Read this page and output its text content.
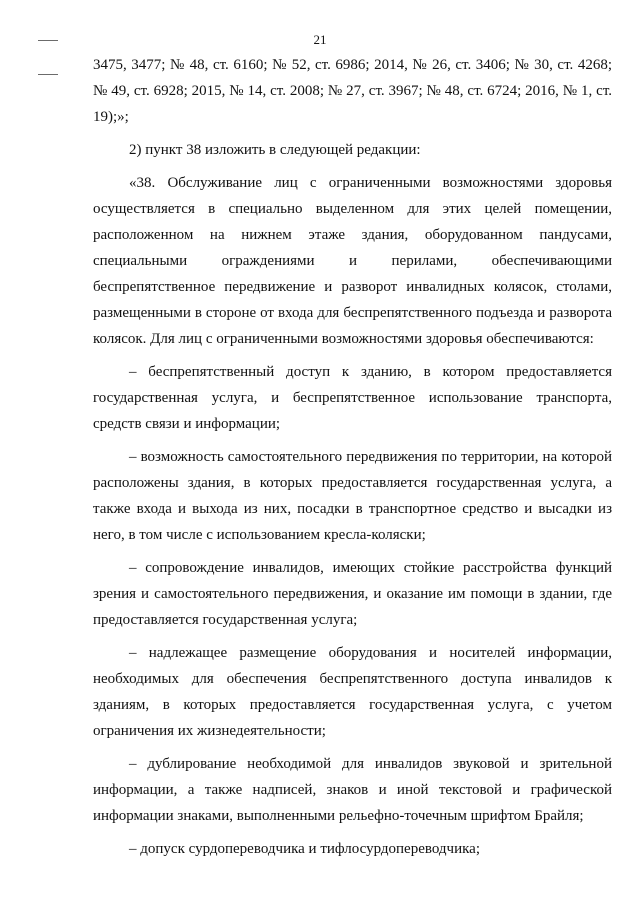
21

3475, 3477; № 48, ст. 6160; № 52, ст. 6986; 2014, № 26, ст. 3406; № 30, ст. 4268; № 49, ст. 6928; 2015, № 14, ст. 2008; № 27, ст. 3967; № 48, ст. 6724; 2016, № 1, ст. 19);»;

2) пункт 38 изложить в следующей редакции:

«38. Обслуживание лиц с ограниченными возможностями здоровья осуществляется в специально выделенном для этих целей помещении, расположенном на нижнем этаже здания, оборудованном пандусами, специальными ограждениями и перилами, обеспечивающими беспрепятственное передвижение и разворот инвалидных колясок, столами, размещенными в стороне от входа для беспрепятственного подъезда и разворота колясок. Для лиц с ограниченными возможностями здоровья обеспечиваются:

– беспрепятственный доступ к зданию, в котором предоставляется государственная услуга, и беспрепятственное использование транспорта, средств связи и информации;

– возможность самостоятельного передвижения по территории, на которой расположены здания, в которых предоставляется государственная услуга, а также входа и выхода из них, посадки в транспортное средство и высадки из него, в том числе с использованием кресла-коляски;

– сопровождение инвалидов, имеющих стойкие расстройства функций зрения и самостоятельного передвижения, и оказание им помощи в здании, где предоставляется государственная услуга;

– надлежащее размещение оборудования и носителей информации, необходимых для обеспечения беспрепятственного доступа инвалидов к зданиям, в которых предоставляется государственная услуга, с учетом ограничения их жизнедеятельности;

– дублирование необходимой для инвалидов звуковой и зрительной информации, а также надписей, знаков и иной текстовой и графической информации знаками, выполненными рельефно-точечным шрифтом Брайля;

– допуск сурдопереводчика и тифлосурдопереводчика;
